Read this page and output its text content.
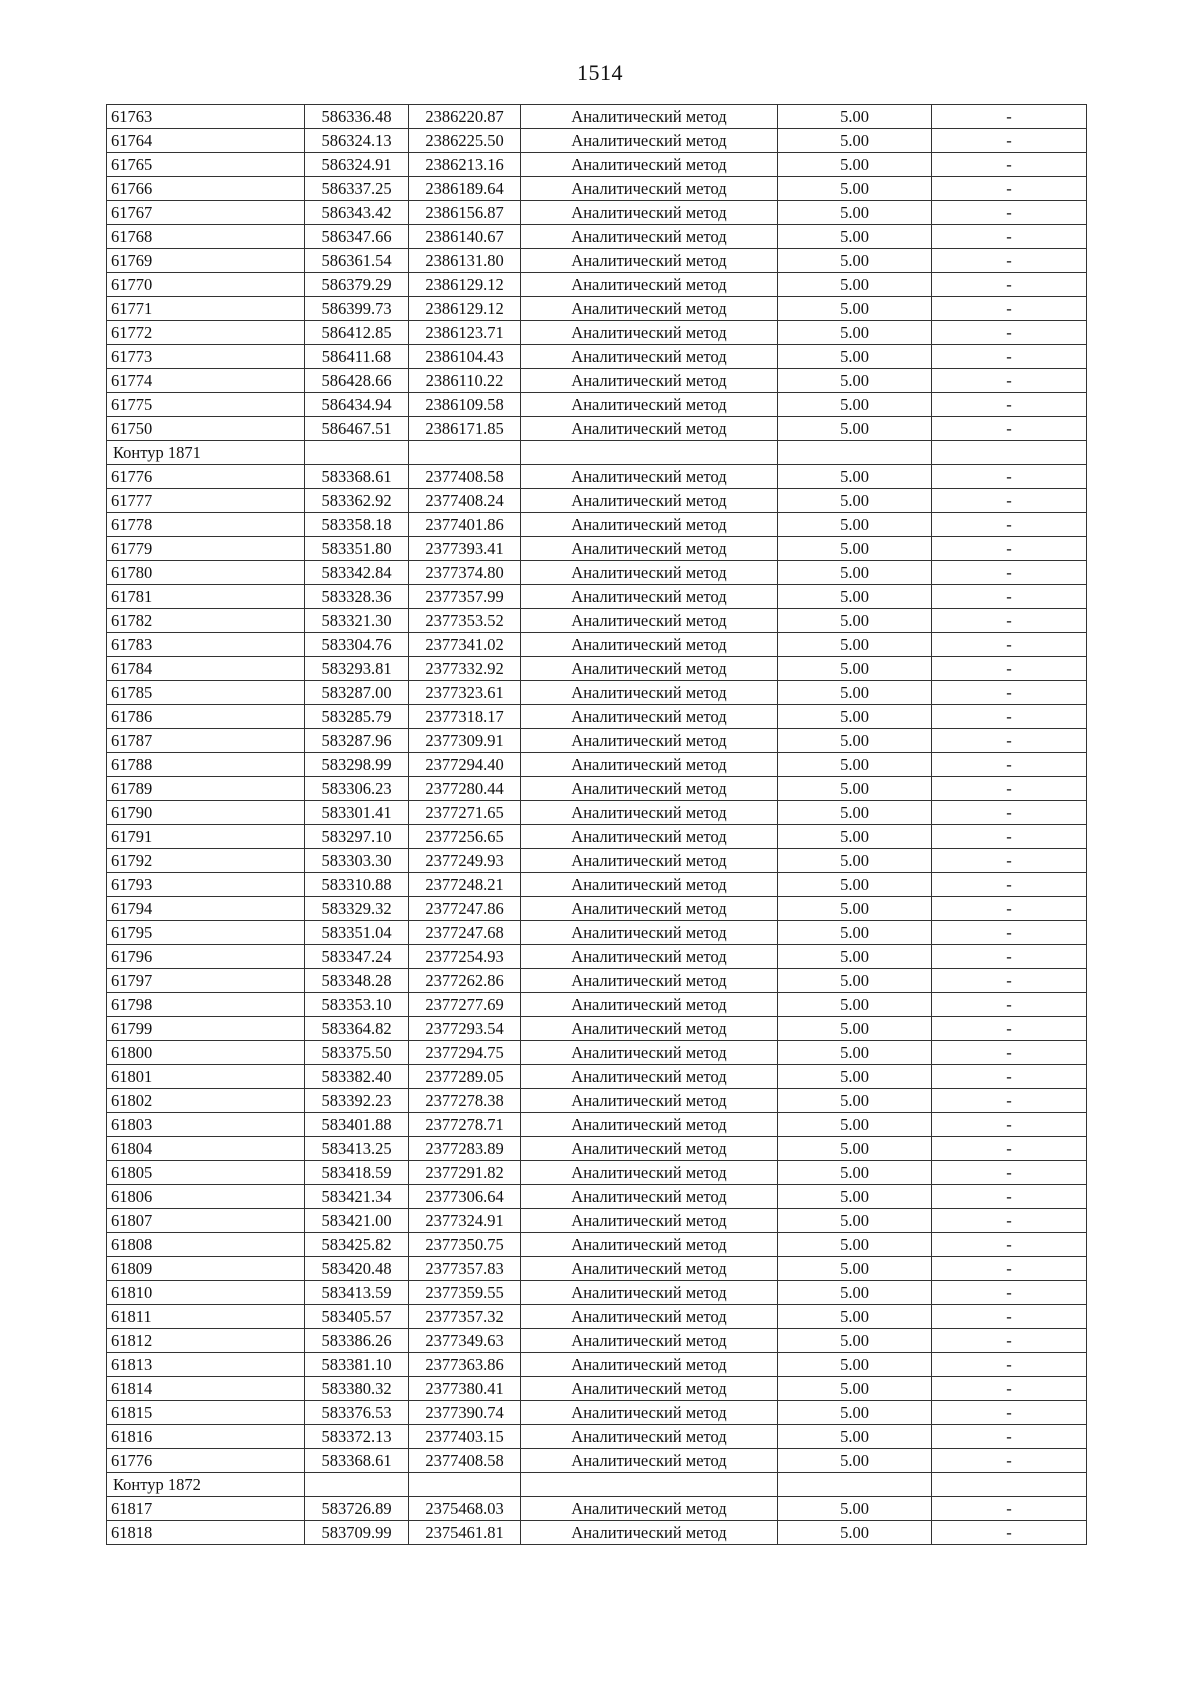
1514
61763	586336.48	2386220.87	Аналитический метод	5.00	-
61764	586324.13	2386225.50	Аналитический метод	5.00	-
61765	586324.91	2386213.16	Аналитический метод	5.00	-
61766	586337.25	2386189.64	Аналитический метод	5.00	-
61767	586343.42	2386156.87	Аналитический метод	5.00	-
61768	586347.66	2386140.67	Аналитический метод	5.00	-
61769	586361.54	2386131.80	Аналитический метод	5.00	-
61770	586379.29	2386129.12	Аналитический метод	5.00	-
61771	586399.73	2386129.12	Аналитический метод	5.00	-
61772	586412.85	2386123.71	Аналитический метод	5.00	-
61773	586411.68	2386104.43	Аналитический метод	5.00	-
61774	586428.66	2386110.22	Аналитический метод	5.00	-
61775	586434.94	2386109.58	Аналитический метод	5.00	-
61750	586467.51	2386171.85	Аналитический метод	5.00	-
Контур 1871					
61776	583368.61	2377408.58	Аналитический метод	5.00	-
61777	583362.92	2377408.24	Аналитический метод	5.00	-
61778	583358.18	2377401.86	Аналитический метод	5.00	-
61779	583351.80	2377393.41	Аналитический метод	5.00	-
61780	583342.84	2377374.80	Аналитический метод	5.00	-
61781	583328.36	2377357.99	Аналитический метод	5.00	-
61782	583321.30	2377353.52	Аналитический метод	5.00	-
61783	583304.76	2377341.02	Аналитический метод	5.00	-
61784	583293.81	2377332.92	Аналитический метод	5.00	-
61785	583287.00	2377323.61	Аналитический метод	5.00	-
61786	583285.79	2377318.17	Аналитический метод	5.00	-
61787	583287.96	2377309.91	Аналитический метод	5.00	-
61788	583298.99	2377294.40	Аналитический метод	5.00	-
61789	583306.23	2377280.44	Аналитический метод	5.00	-
61790	583301.41	2377271.65	Аналитический метод	5.00	-
61791	583297.10	2377256.65	Аналитический метод	5.00	-
61792	583303.30	2377249.93	Аналитический метод	5.00	-
61793	583310.88	2377248.21	Аналитический метод	5.00	-
61794	583329.32	2377247.86	Аналитический метод	5.00	-
61795	583351.04	2377247.68	Аналитический метод	5.00	-
61796	583347.24	2377254.93	Аналитический метод	5.00	-
61797	583348.28	2377262.86	Аналитический метод	5.00	-
61798	583353.10	2377277.69	Аналитический метод	5.00	-
61799	583364.82	2377293.54	Аналитический метод	5.00	-
61800	583375.50	2377294.75	Аналитический метод	5.00	-
61801	583382.40	2377289.05	Аналитический метод	5.00	-
61802	583392.23	2377278.38	Аналитический метод	5.00	-
61803	583401.88	2377278.71	Аналитический метод	5.00	-
61804	583413.25	2377283.89	Аналитический метод	5.00	-
61805	583418.59	2377291.82	Аналитический метод	5.00	-
61806	583421.34	2377306.64	Аналитический метод	5.00	-
61807	583421.00	2377324.91	Аналитический метод	5.00	-
61808	583425.82	2377350.75	Аналитический метод	5.00	-
61809	583420.48	2377357.83	Аналитический метод	5.00	-
61810	583413.59	2377359.55	Аналитический метод	5.00	-
61811	583405.57	2377357.32	Аналитический метод	5.00	-
61812	583386.26	2377349.63	Аналитический метод	5.00	-
61813	583381.10	2377363.86	Аналитический метод	5.00	-
61814	583380.32	2377380.41	Аналитический метод	5.00	-
61815	583376.53	2377390.74	Аналитический метод	5.00	-
61816	583372.13	2377403.15	Аналитический метод	5.00	-
61776	583368.61	2377408.58	Аналитический метод	5.00	-
Контур 1872					
61817	583726.89	2375468.03	Аналитический метод	5.00	-
61818	583709.99	2375461.81	Аналитический метод	5.00	-
